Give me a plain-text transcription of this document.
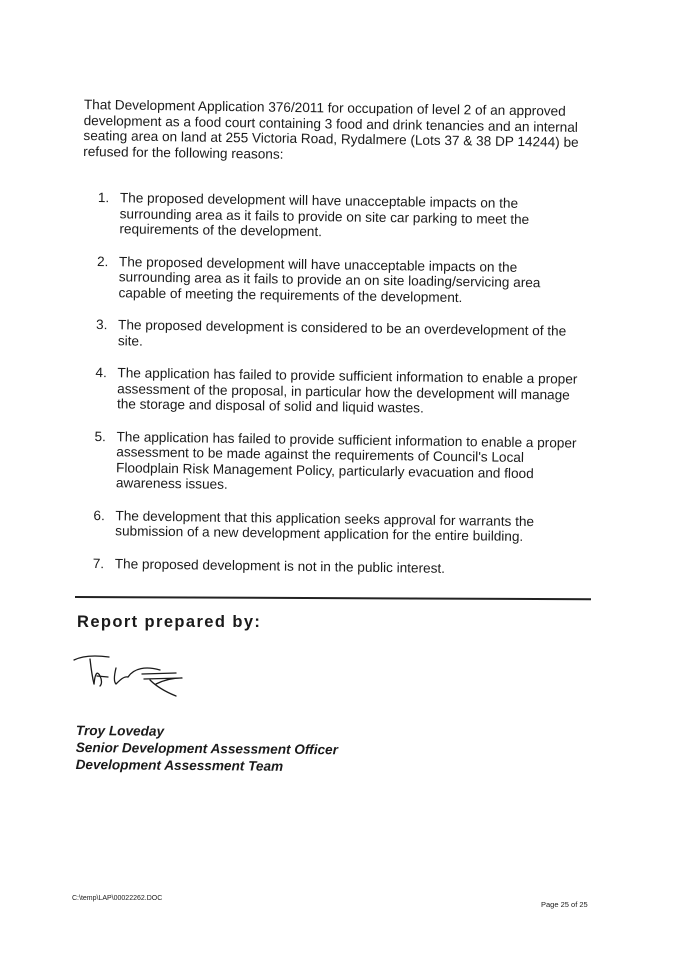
That Development Application 376/2011 for occupation of level 2 of an approved development as a food court containing 3 food and drink tenancies and an internal seating area on land at 255 Victoria Road, Rydalmere (Lots 37 & 38 DP 14244) be refused for the following reasons:

1. The proposed development will have unacceptable impacts on the surrounding area as it fails to provide on site car parking to meet the requirements of the development.
2. The proposed development will have unacceptable impacts on the surrounding area as it fails to provide an on site loading/servicing area capable of meeting the requirements of the development.
3. The proposed development is considered to be an overdevelopment of the site.
4. The application has failed to provide sufficient information to enable a proper assessment of the proposal, in particular how the development will manage the storage and disposal of solid and liquid wastes.
5. The application has failed to provide sufficient information to enable a proper assessment to be made against the requirements of Council's Local Floodplain Risk Management Policy, particularly evacuation and flood awareness issues.
6. The development that this application seeks approval for warrants the submission of a new development application for the entire building.
7. The proposed development is not in the public interest.
Report prepared by:
Troy Loveday
Senior Development Assessment Officer
Development Assessment Team
C:\temp\LAP\00022262.DOC
Page 25 of 25
